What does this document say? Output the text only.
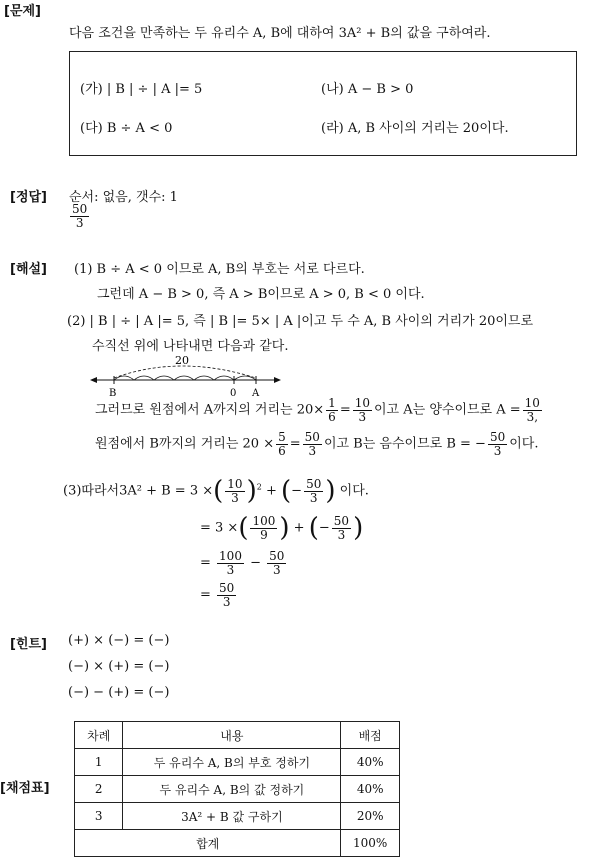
[문제]
다음 조건을 만족하는 두 유리수 A, B에 대하여 3A² + B의 값을 구하여라.
(가) | B | ÷ | A |= 5	(나) A − B > 0
(다) B ÷ A < 0	(라) A, B 사이의 거리는 20이다.
[정답] 순서: 없음, 갯수: 1
$\frac{50}{3}$
[해설] (1) B ÷ A < 0 이므로 A, B의 부호는 서로 다르다.
그런데 A − B > 0, 즉 A > B이므로 A > 0, B < 0 이다.
(2) | B | ÷ | A |= 5, 즉 | B |= 5× | A |이고 두 수 A, B 사이의 거리가 20이므로
수직선 위에 나타내면 다음과 같다.
20
B	0 A
그러므로 원점에서 A까지의 거리는 $20\times \frac{1}{6} = \frac{10}{3}$ 이고 A는 양수이므로 $A = \frac{10}{3,}$
원점에서 B까지의 거리는 $20 \times \frac{5}{6} = \frac{50}{3}$ 이고 B는 음수이므로 B = − $\frac{50}{3}$ 이다.
(3)따라서3A² + B = 3 ×( $\frac{10}{3} )^2$ + (− $\frac{50}{3}$ ) 이다.
= 3 ×( $\frac{100}{9}$ ) + (− $\frac{50}{3}$ )
= $\frac{100}{3} - \frac{50}{3}$
= $\frac{50}{3}$
[힌트] (+) × (−) = (−)
(−) × (+) = (−)
(−) − (+) = (−)
[채점표]
차례	내용	배점
1	두 유리수 A, B의 부호 정하기	40%
2	두 유리수 A, B의 값 정하기	40%
3	3A² + B 값 구하기	20%
합계		100%
